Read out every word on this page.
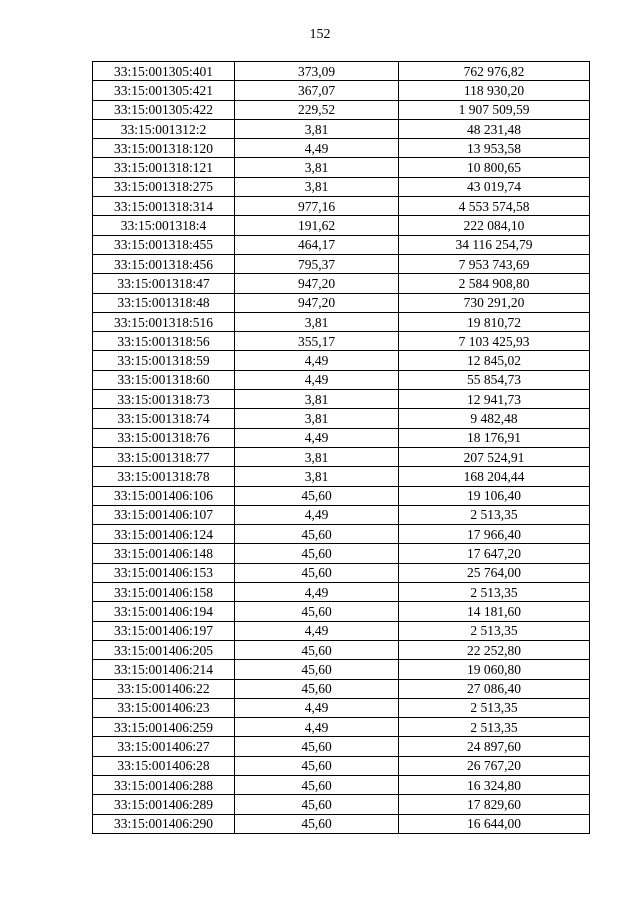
152
33:15:001305:401	373,09	762 976,82
33:15:001305:421	367,07	118 930,20
33:15:001305:422	229,52	1 907 509,59
33:15:001312:2	3,81	48 231,48
33:15:001318:120	4,49	13 953,58
33:15:001318:121	3,81	10 800,65
33:15:001318:275	3,81	43 019,74
33:15:001318:314	977,16	4 553 574,58
33:15:001318:4	191,62	222 084,10
33:15:001318:455	464,17	34 116 254,79
33:15:001318:456	795,37	7 953 743,69
33:15:001318:47	947,20	2 584 908,80
33:15:001318:48	947,20	730 291,20
33:15:001318:516	3,81	19 810,72
33:15:001318:56	355,17	7 103 425,93
33:15:001318:59	4,49	12 845,02
33:15:001318:60	4,49	55 854,73
33:15:001318:73	3,81	12 941,73
33:15:001318:74	3,81	9 482,48
33:15:001318:76	4,49	18 176,91
33:15:001318:77	3,81	207 524,91
33:15:001318:78	3,81	168 204,44
33:15:001406:106	45,60	19 106,40
33:15:001406:107	4,49	2 513,35
33:15:001406:124	45,60	17 966,40
33:15:001406:148	45,60	17 647,20
33:15:001406:153	45,60	25 764,00
33:15:001406:158	4,49	2 513,35
33:15:001406:194	45,60	14 181,60
33:15:001406:197	4,49	2 513,35
33:15:001406:205	45,60	22 252,80
33:15:001406:214	45,60	19 060,80
33:15:001406:22	45,60	27 086,40
33:15:001406:23	4,49	2 513,35
33:15:001406:259	4,49	2 513,35
33:15:001406:27	45,60	24 897,60
33:15:001406:28	45,60	26 767,20
33:15:001406:288	45,60	16 324,80
33:15:001406:289	45,60	17 829,60
33:15:001406:290	45,60	16 644,00
